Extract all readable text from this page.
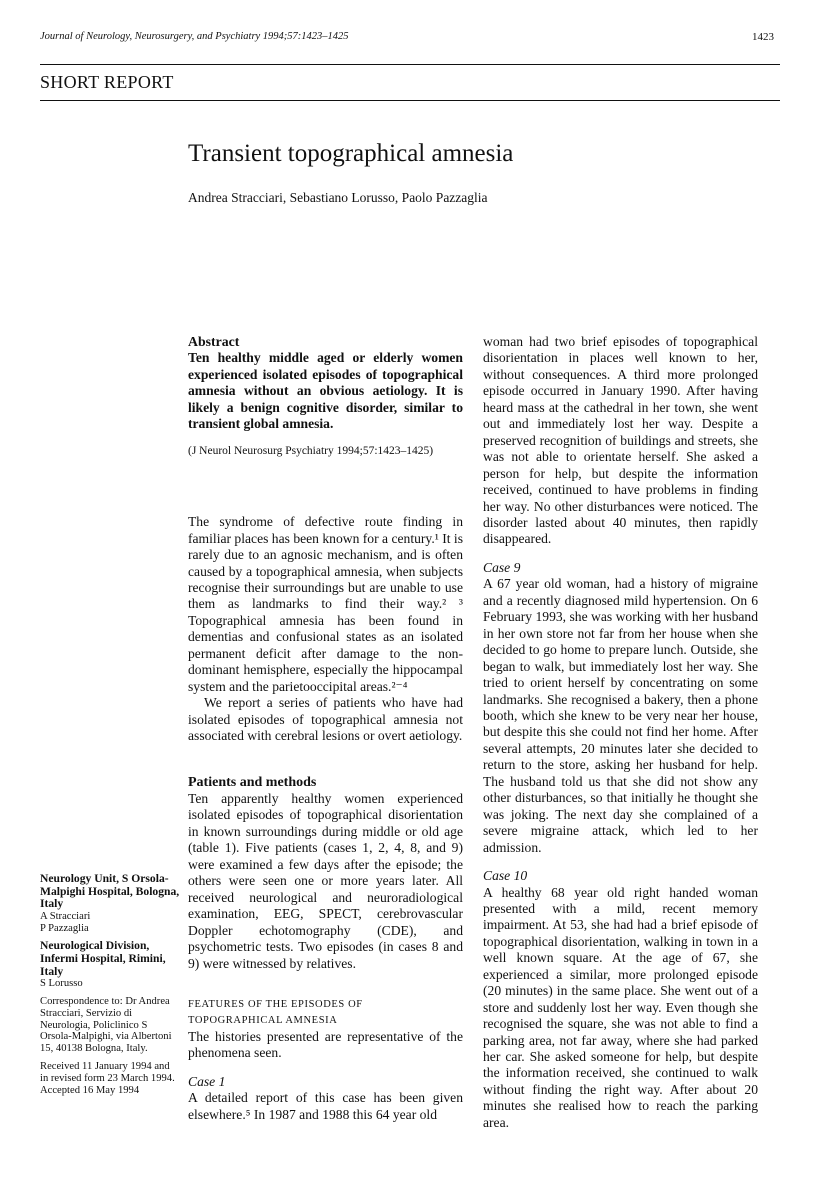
Journal of Neurology, Neurosurgery, and Psychiatry 1994;57:1423–1425	1423
SHORT REPORT
Transient topographical amnesia
Andrea Stracciari, Sebastiano Lorusso, Paolo Pazzaglia

Abstract

Ten healthy middle aged or elderly women experienced isolated episodes of topographical amnesia without an obvious aetiology. It is likely a benign cognitive disorder, similar to transient global amnesia.

(J Neurol Neurosurg Psychiatry 1994;57:1423–1425)

The syndrome of defective route finding in familiar places has been known for a century.¹ It is rarely due to an agnosic mechanism, and is often caused by a topographical amnesia, when subjects recognise their surroundings but are unable to use them as landmarks to find their way.² ³ Topographical amnesia has been found in dementias and confusional states as an isolated permanent deficit after damage to the non-dominant hemisphere, especially the hippocampal system and the parietooccipital areas.²⁻⁴

We report a series of patients who have had isolated episodes of topographical amnesia not associated with cerebral lesions or overt aetiology.

Patients and methods

Ten apparently healthy women experienced isolated episodes of topographical disorientation in known surroundings during middle or old age (table 1). Five patients (cases 1, 2, 4, 8, and 9) were examined a few days after the episode; the others were seen one or more years later. All received neurological and neuroradiological examination, EEG, SPECT, cerebrovascular Doppler echotomography (CDE), and psychometric tests. Two episodes (in cases 8 and 9) were witnessed by relatives.

FEATURES OF THE EPISODES OF
TOPOGRAPHICAL AMNESIA

The histories presented are representative of the phenomena seen.

Case 1

A detailed report of this case has been given elsewhere.⁵ In 1987 and 1988 this 64 year old

woman had two brief episodes of topographical disorientation in places well known to her, without consequences. A third more prolonged episode occurred in January 1990. After having heard mass at the cathedral in her town, she went out and immediately lost her way. Despite a preserved recognition of buildings and streets, she was not able to orientate herself. She asked a person for help, but despite the information received, continued to have problems in finding her way. No other disturbances were noticed. The disorder lasted about 40 minutes, then rapidly disappeared.

Case 9

A 67 year old woman, had a history of migraine and a recently diagnosed mild hypertension. On 6 February 1993, she was working with her husband in her own store not far from her house when she decided to go home to prepare lunch. Outside, she began to walk, but immediately lost her way. She tried to orient herself by concentrating on some landmarks. She recognised a bakery, then a phone booth, which she knew to be very near her house, but despite this she could not find her home. After several attempts, 20 minutes later she decided to return to the store, asking her husband for help. The husband told us that she did not show any other disturbances, so that initially he thought she was joking. The next day she complained of a severe migraine attack, which led to her admission.

Case 10

A healthy 68 year old right handed woman presented with a mild, recent memory impairment. At 53, she had had a brief episode of topographical disorientation, walking in town in a well known square. At the age of 67, she experienced a similar, more prolonged episode (20 minutes) in the same place. She went out of a store and suddenly lost her way. Even though she recognised the square, she was not able to find a parking area, not far away, where she had parked her car. She asked someone for help, but despite the information received, she continued to walk without finding the right way. After about 20 minutes she realised how to reach the parking area.

Neurology Unit, S Orsola-Malpighi Hospital, Bologna, Italy

A Stracciari

P Pazzaglia

Neurological Division, Infermi Hospital, Rimini, Italy

S Lorusso

Correspondence to: Dr Andrea Stracciari, Servizio di Neurologia, Policlinico S Orsola-Malpighi, via Albertoni 15, 40138 Bologna, Italy.

Received 11 January 1994 and in revised form 23 March 1994.

Accepted 16 May 1994
